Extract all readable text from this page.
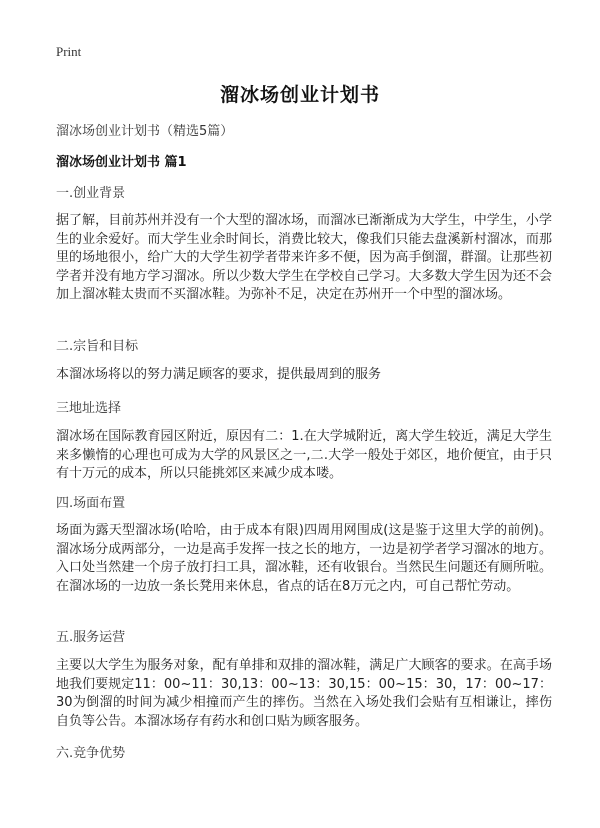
Print
溜冰场创业计划书
溜冰场创业计划书（精选5篇）
溜冰场创业计划书 篇1
一.创业背景
据了解，目前苏州并没有一个大型的溜冰场，而溜冰已渐渐成为大学生，中学生，小学生的业余爱好。而大学生业余时间长，消费比较大，像我们只能去盘溪新村溜冰，而那里的场地很小，给广大的大学生初学者带来许多不便，因为高手倒溜，群溜。让那些初学者并没有地方学习溜冰。所以少数大学生在学校自己学习。大多数大学生因为还不会加上溜冰鞋太贵而不买溜冰鞋。为弥补不足，决定在苏州开一个中型的溜冰场。
二.宗旨和目标
本溜冰场将以的努力满足顾客的要求，提供最周到的服务
三地址选择
溜冰场在国际教育园区附近，原因有二：1.在大学城附近，离大学生较近，满足大学生来多懒惰的心理也可成为大学的风景区之一,二.大学一般处于郊区，地价便宜，由于只有十万元的成本，所以只能挑郊区来减少成本喽。
四.场面布置
场面为露天型溜冰场(哈哈，由于成本有限)四周用网围成(这是鉴于这里大学的前例)。溜冰场分成两部分，一边是高手发挥一技之长的地方，一边是初学者学习溜冰的地方。入口处当然建一个房子放打扫工具，溜冰鞋，还有收银台。当然民生问题还有厕所啦。在溜冰场的一边放一条长凳用来休息，省点的话在8万元之内，可自己帮忙劳动。
五.服务运营
主要以大学生为服务对象，配有单排和双排的溜冰鞋，满足广大顾客的要求。在高手场地我们要规定11：00~11：30,13：00~13：30,15：00~15：30，17：00~17：30为倒溜的时间为减少相撞而产生的摔伤。当然在入场处我们会贴有互相谦让，摔伤自负等公告。本溜冰场存有药水和创口贴为顾客服务。
六.竞争优势
